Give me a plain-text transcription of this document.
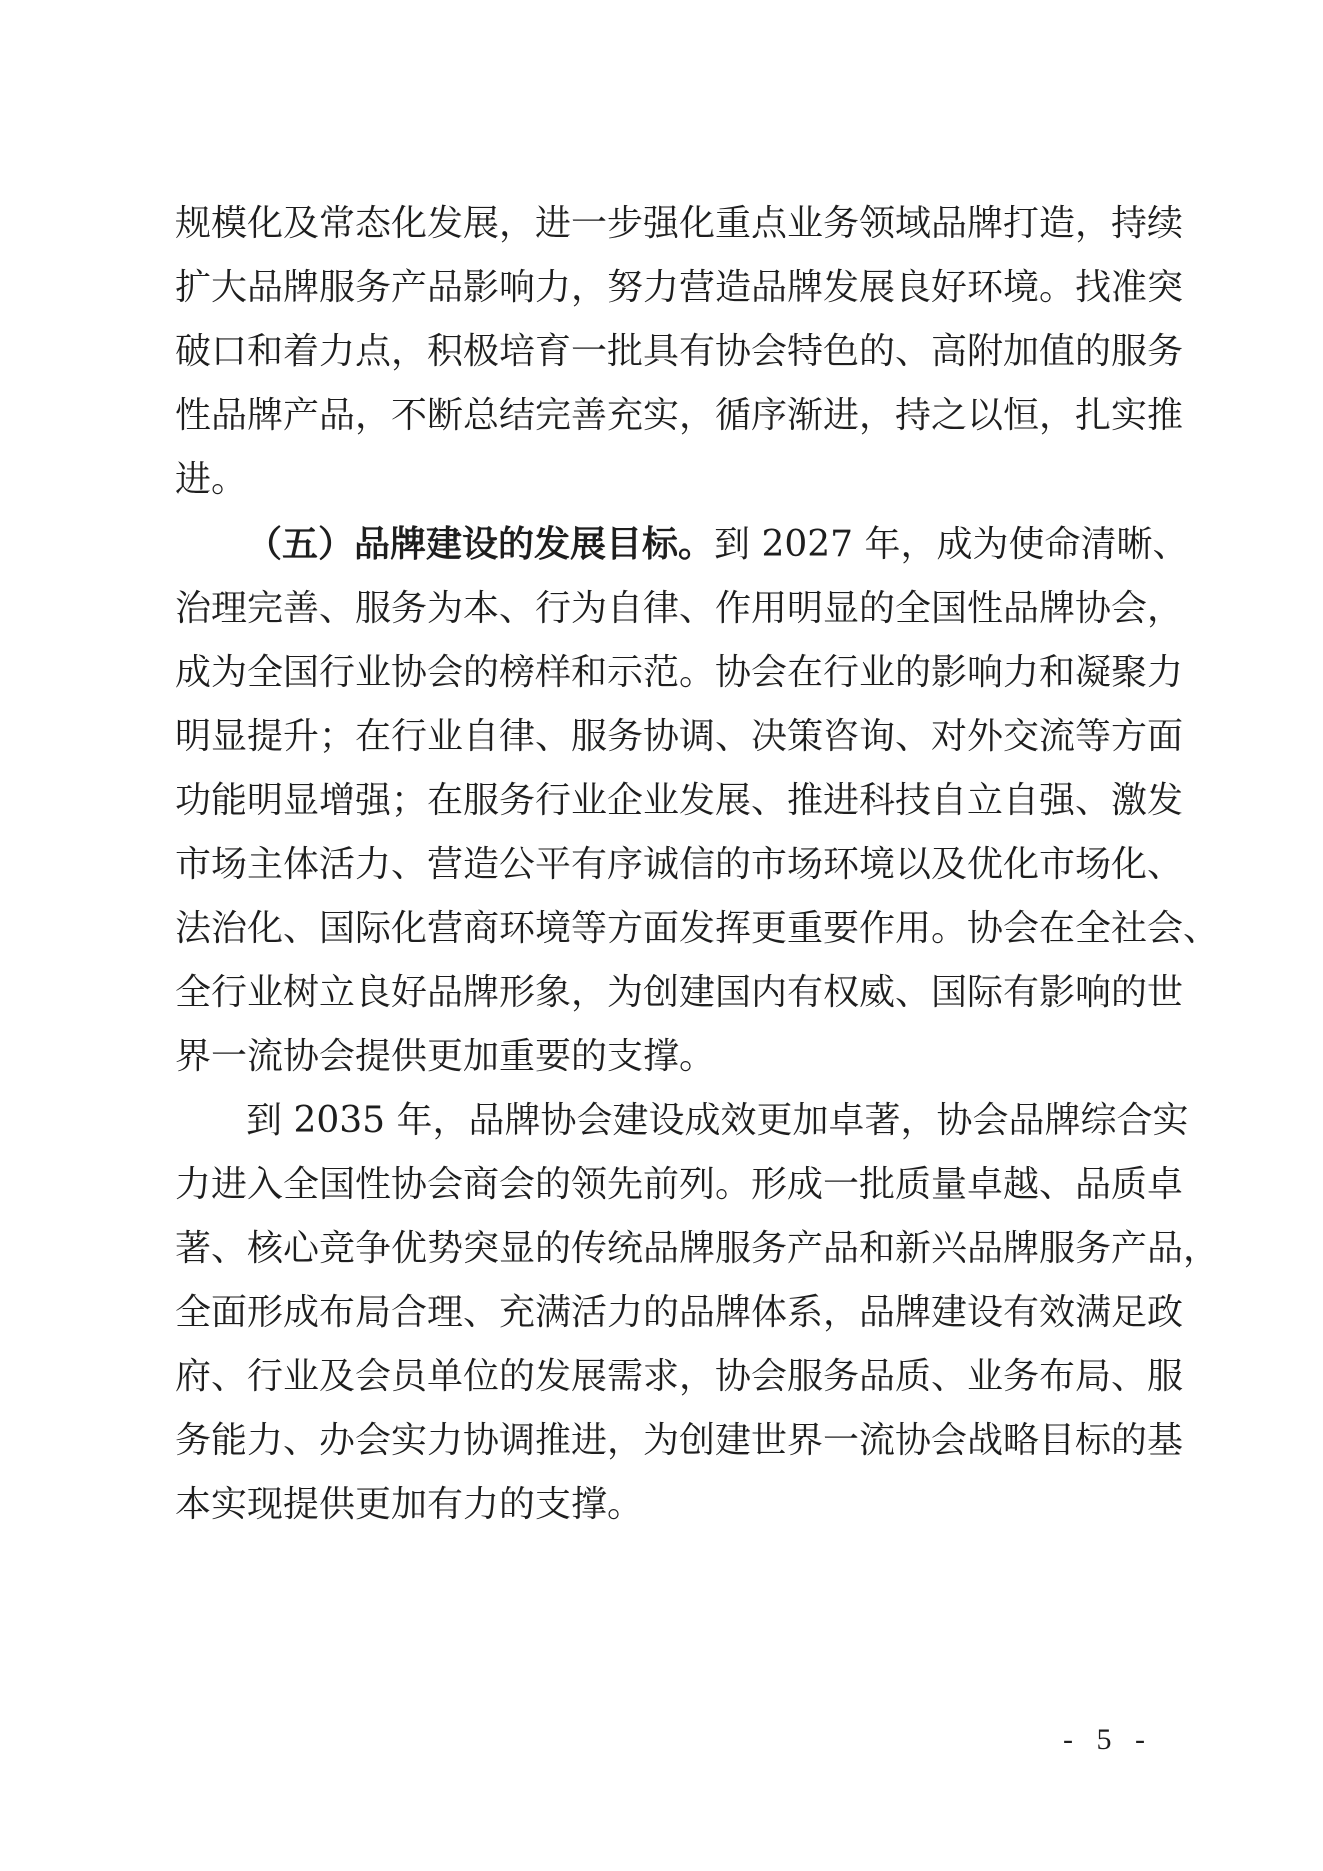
规模化及常态化发展，进一步强化重点业务领域品牌打造，持续

扩大品牌服务产品影响力，努力营造品牌发展良好环境。找准突

破口和着力点，积极培育一批具有协会特色的、高附加值的服务

性品牌产品，不断总结完善充实，循序渐进，持之以恒，扎实推

进。

（五）品牌建设的发展目标。到 2027 年，成为使命清晰、

治理完善、服务为本、行为自律、作用明显的全国性品牌协会，

成为全国行业协会的榜样和示范。协会在行业的影响力和凝聚力

明显提升；在行业自律、服务协调、决策咨询、对外交流等方面

功能明显增强；在服务行业企业发展、推进科技自立自强、激发

市场主体活力、营造公平有序诚信的市场环境以及优化市场化、

法治化、国际化营商环境等方面发挥更重要作用。协会在全社会、

全行业树立良好品牌形象，为创建国内有权威、国际有影响的世

界一流协会提供更加重要的支撑。

到 2035 年，品牌协会建设成效更加卓著，协会品牌综合实

力进入全国性协会商会的领先前列。形成一批质量卓越、品质卓

著、核心竞争优势突显的传统品牌服务产品和新兴品牌服务产品，

全面形成布局合理、充满活力的品牌体系，品牌建设有效满足政

府、行业及会员单位的发展需求，协会服务品质、业务布局、服

务能力、办会实力协调推进，为创建世界一流协会战略目标的基

本实现提供更加有力的支撑。

- 5 -
